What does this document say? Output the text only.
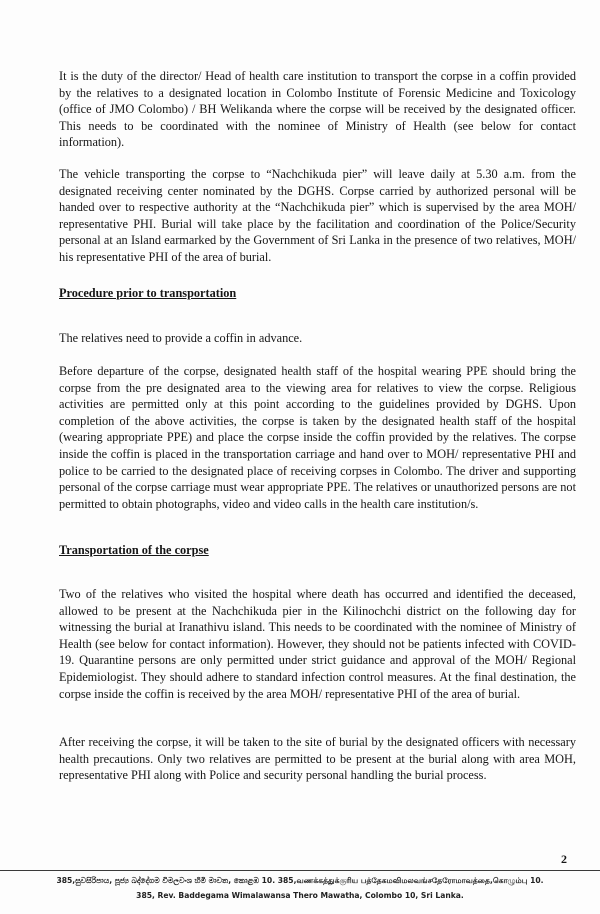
It is the duty of the director/ Head of health care institution to transport the corpse in a coffin provided by the relatives to a designated location in Colombo Institute of Forensic Medicine and Toxicology (office of JMO Colombo) / BH Welikanda where the corpse will be received by the designated officer. This needs to be coordinated with the nominee of Ministry of Health (see below for contact information).

The vehicle transporting the corpse to “Nachchikuda pier” will leave daily at 5.30 a.m. from the designated receiving center nominated by the DGHS. Corpse carried by authorized personal will be handed over to respective authority at the “Nachchikuda pier” which is supervised by the area MOH/ representative PHI. Burial will take place by the facilitation and coordination of the Police/Security personal at an Island earmarked by the Government of Sri Lanka in the presence of two relatives, MOH/ his representative PHI of the area of burial.

Procedure prior to transportation

The relatives need to provide a coffin in advance.

Before departure of the corpse, designated health staff of the hospital wearing PPE should bring the corpse from the pre designated area to the viewing area for relatives to view the corpse. Religious activities are permitted only at this point according to the guidelines provided by DGHS. Upon completion of the above activities, the corpse is taken by the designated health staff of the hospital (wearing appropriate PPE) and place the corpse inside the coffin provided by the relatives. The corpse inside the coffin is placed in the transportation carriage and hand over to MOH/ representative PHI and police to be carried to the designated place of receiving corpses in Colombo. The driver and supporting personal of the corpse carriage must wear appropriate PPE. The relatives or unauthorized persons are not permitted to obtain photographs, video and video calls in the health care institution/s.

Transportation of the corpse

Two of the relatives who visited the hospital where death has occurred and identified the deceased, allowed to be present at the Nachchikuda pier in the Kilinochchi district on the following day for witnessing the burial at Iranathivu island. This needs to be coordinated with the nominee of Ministry of Health (see below for contact information). However, they should not be patients infected with COVID-19. Quarantine persons are only permitted under strict guidance and approval of the MOH/ Regional Epidemiologist. They should adhere to standard infection control measures. At the final destination, the corpse inside the coffin is received by the area MOH/ representative PHI of the area of burial.

After receiving the corpse, it will be taken to the site of burial by the designated officers with necessary health precautions. Only two relatives are permitted to be present at the burial along with area MOH, representative PHI along with Police and security personal handling the burial process.

2
385,සුවසිරිපාය, පූජ්‍ය බද්දේගම විමලවංශ හිමි මාවත, කොළඹ 10. 385,வணக்கத்துக்குரிய பத்தேகமவிமலவங்சதேரோமாவத்தை,கொழும்பு 10.
385, Rev. Baddegama Wimalawansa Thero Mawatha, Colombo 10, Sri Lanka.
